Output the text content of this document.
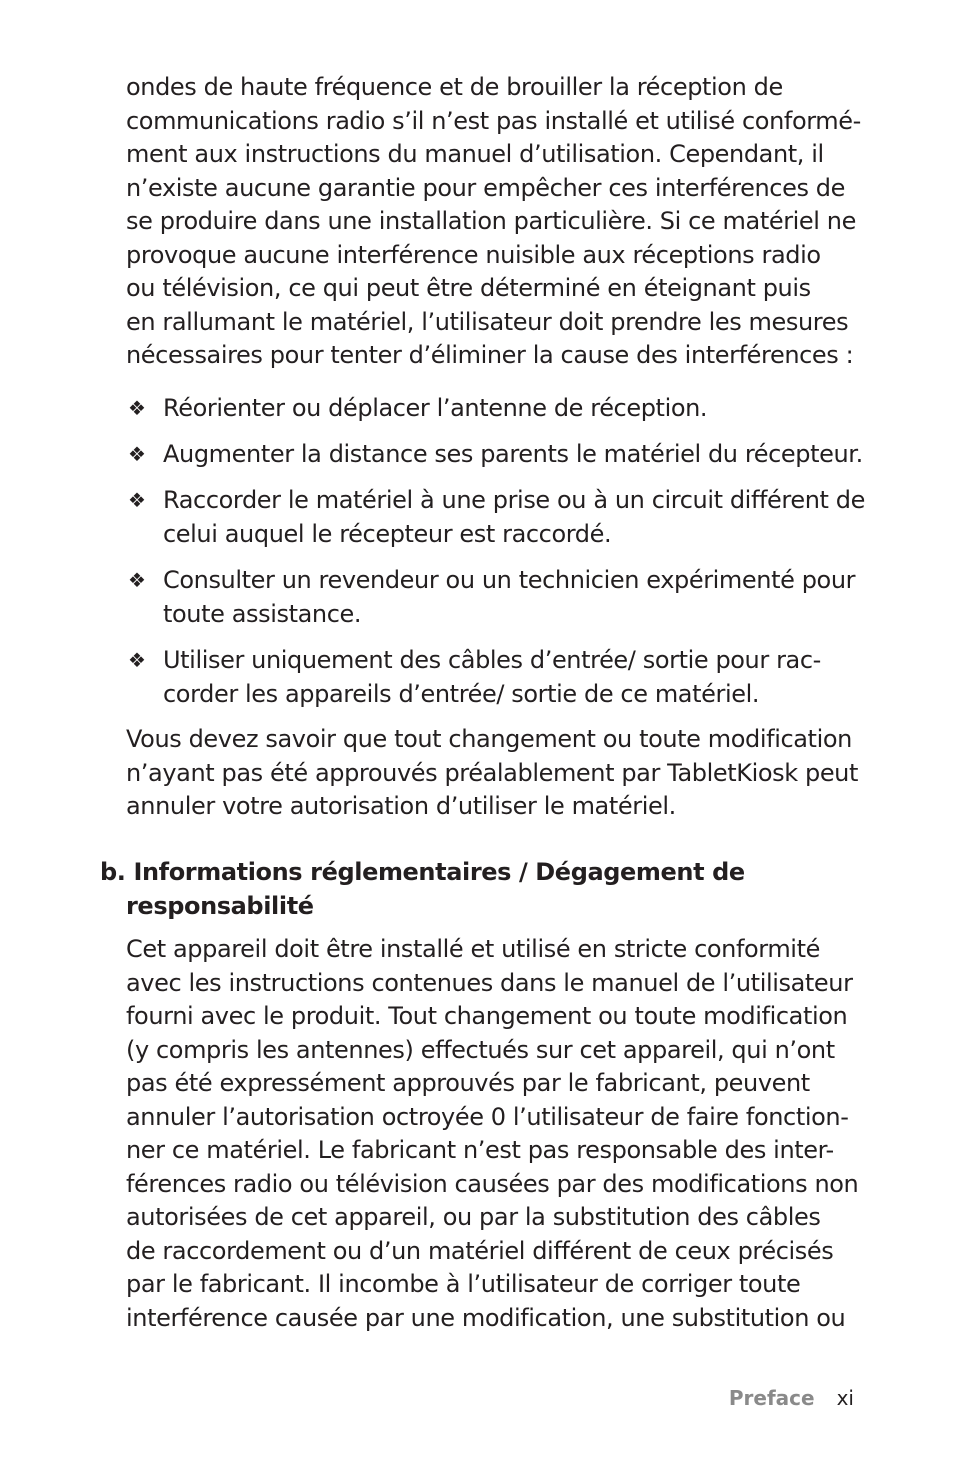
ondes de haute fréquence et de brouiller la réception de
communications radio s’il n’est pas installé et utilisé conformé-
ment aux instructions du manuel d’utilisation. Cependant, il
n’existe aucune garantie pour empêcher ces interférences de
se produire dans une installation particulière. Si ce matériel ne
provoque aucune interférence nuisible aux réceptions radio
ou télévision, ce qui peut être déterminé en éteignant puis
en rallumant le matériel, l’utilisateur doit prendre les mesures
nécessaires pour tenter d’éliminer la cause des interférences :
❖ Réorienter ou déplacer l’antenne de réception.
❖ Augmenter la distance ses parents le matériel du récepteur.
❖ Raccorder le matériel à une prise ou à un circuit différent de
celui auquel le récepteur est raccordé.
❖ Consulter un revendeur ou un technicien expérimenté pour
toute assistance.
❖ Utiliser uniquement des câbles d’entrée/ sortie pour rac-
corder les appareils d’entrée/ sortie de ce matériel.
Vous devez savoir que tout changement ou toute modification
n’ayant pas été approuvés préalablement par TabletKiosk peut
annuler votre autorisation d’utiliser le matériel.
b. Informations réglementaires / Dégagement de
responsabilité
Cet appareil doit être installé et utilisé en stricte conformité
avec les instructions contenues dans le manuel de l’utilisateur
fourni avec le produit. Tout changement ou toute modification
(y compris les antennes) effectués sur cet appareil, qui n’ont
pas été expressément approuvés par le fabricant, peuvent
annuler l’autorisation octroyée 0 l’utilisateur de faire fonction-
ner ce matériel. Le fabricant n’est pas responsable des inter-
férences radio ou télévision causées par des modifications non
autorisées de cet appareil, ou par la substitution des câbles
de raccordement ou d’un matériel différent de ceux précisés
par le fabricant. Il incombe à l’utilisateur de corriger toute
interférence causée par une modification, une substitution ou
Preface xi
